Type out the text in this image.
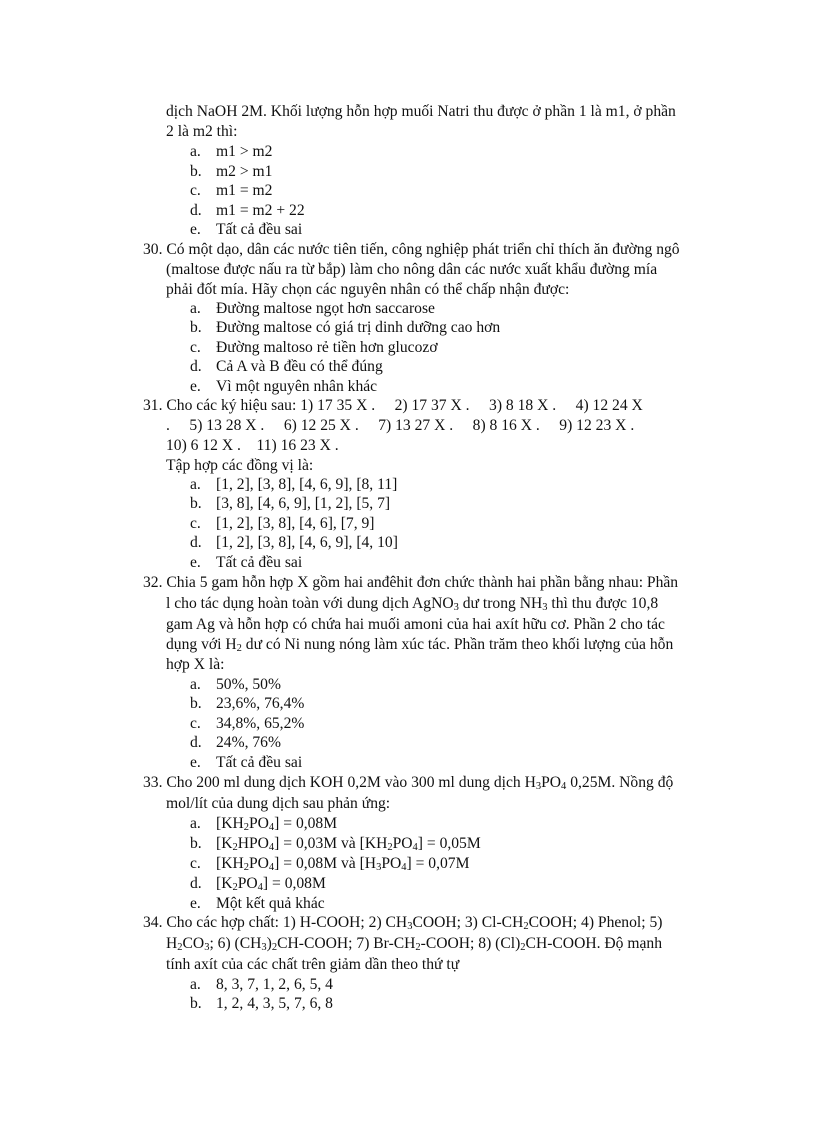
dịch NaOH 2M. Khối lượng hỗn hợp muối Natri thu được ở phần 1 là m1, ở phần
2 là m2 thì:
a. m1 > m2
b. m2 > m1
c. m1 = m2
d. m1 = m2 + 22
e. Tất cả đều sai
30. Có một dạo, dân các nước tiên tiến, công nghiệp phát triển chỉ thích ăn đường ngô
(maltose được nấu ra từ bắp) làm cho nông dân các nước xuất khẩu đường mía
phải đốt mía. Hãy chọn các nguyên nhân có thể chấp nhận được:
a. Đường maltose ngọt hơn saccarose
b. Đường maltose có giá trị dinh dưỡng cao hơn
c. Đường maltoso rẻ tiền hơn glucozơ
d. Cả A và B đều có thể đúng
e. Vì một nguyên nhân khác
31. Cho các ký hiệu sau: 1) 17 35 X .     2) 17 37 X .     3) 8 18 X .     4) 12 24 X
.     5) 13 28 X .     6) 12 25 X .     7) 13 27 X .     8) 8 16 X .     9) 12 23 X .
10) 6 12 X .    11) 16 23 X .
Tập hợp các đồng vị là:
a. [1, 2], [3, 8], [4, 6, 9], [8, 11]
b. [3, 8], [4, 6, 9], [1, 2], [5, 7]
c. [1, 2], [3, 8], [4, 6], [7, 9]
d. [1, 2], [3, 8], [4, 6, 9], [4, 10]
e. Tất cả đều sai
32. Chia 5 gam hỗn hợp X gồm hai anđêhit đơn chức thành hai phần bằng nhau: Phần
l cho tác dụng hoàn toàn với dung dịch AgNO$_3$ dư trong $NH_3$ thì thu được 10,8
gam Ag và hỗn hợp có chứa hai muối amoni của hai axít hữu cơ. Phần 2 cho tác
dụng với $H_2$ dư có Ni nung nóng làm xúc tác. Phần trăm theo khối lượng của hỗn
hợp X là:
a. 50%, 50%
b. 23,6%, 76,4%
c. 34,8%, 65,2%
d. 24%, 76%
e. Tất cả đều sai
33. Cho 200 ml dung dịch KOH 0,2M vào 300 ml dung dịch $H_3PO_4$ 0,25M. Nồng độ
mol/lít của dung dịch sau phản ứng:
a. $[KH_2PO_4] = 0,08M$
b. $[K_2HPO_4] = 0,03M$ và $[KH_2PO_4] = 0,05M$
c. $[KH_2PO_4] = 0,08M$ và $[H_3PO_4] = 0,07M$
d. $[K_2PO_4] = 0,08M$
e. Một kết quả khác
34. Cho các hợp chất: 1) H-COOH; 2) $CH_3COOH$; 3) $Cl-CH_2COOH$; 4) Phenol; 5)
$H_2CO_3$; 6) $(CH_3)_2CH$-COOH; 7) $Br-CH_2$-COOH; 8) $(Cl)_2CH$-COOH. Độ mạnh
tính axít của các chất trên giảm dần theo thứ tự
a. 8, 3, 7, 1, 2, 6, 5, 4
b. 1, 2, 4, 3, 5, 7, 6, 8
